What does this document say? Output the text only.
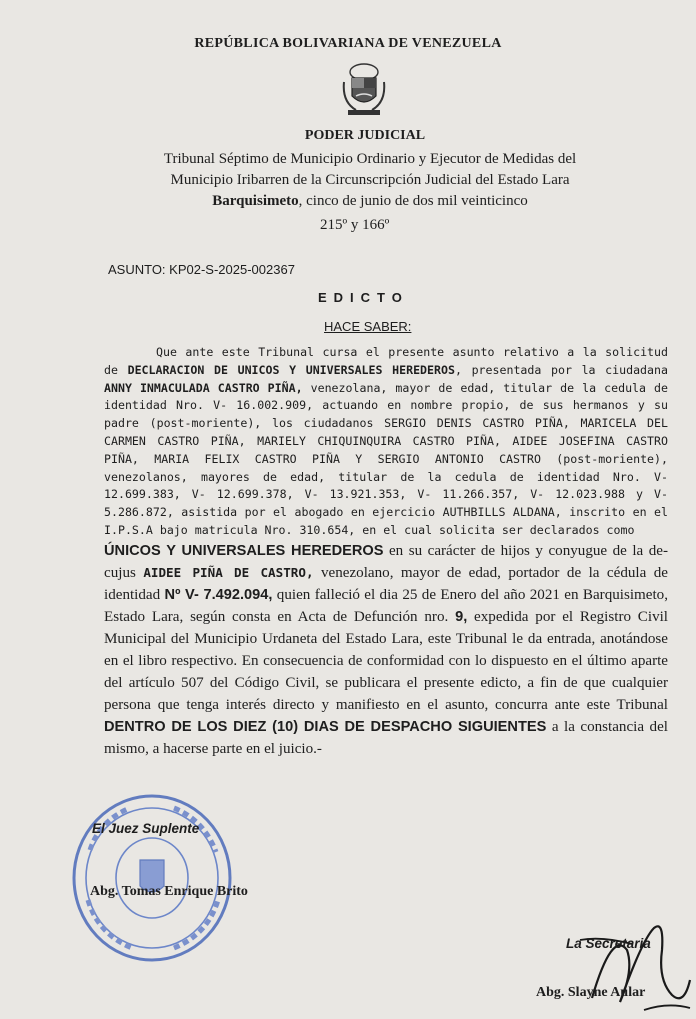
REPÚBLICA BOLIVARIANA DE VENEZUELA
PODER JUDICIAL
Tribunal Séptimo de Municipio Ordinario y Ejecutor de Medidas del
Municipio Iribarren de la Circunscripción Judicial del Estado Lara
Barquisimeto, cinco de junio de dos mil veinticinco
215º y 166º
ASUNTO: KP02-S-2025-002367
EDICTO
HACE SABER:

Que ante este Tribunal cursa el presente asunto relativo a la solicitud de DECLARACION DE UNICOS Y UNIVERSALES HEREDEROS, presentada por la ciudadana ANNY INMACULADA CASTRO PIÑA, venezolana, mayor de edad, titular de la cedula de identidad Nro. V- 16.002.909, actuando en nombre propio, de sus hermanos y su padre (post-moriente), los ciudadanos SERGIO DENIS CASTRO PIÑA, MARICELA DEL CARMEN CASTRO PIÑA, MARIELY CHIQUINQUIRA CASTRO PIÑA, AIDEE JOSEFINA CASTRO PIÑA, MARIA FELIX CASTRO PIÑA Y SERGIO ANTONIO CASTRO (post-moriente), venezolanos, mayores de edad, titular de la cedula de identidad Nro. V- 12.699.383, V- 12.699.378, V- 13.921.353, V- 11.266.357, V- 12.023.988 y V-5.286.872, asistida por el abogado en ejercicio AUTHBILLS ALDANA, inscrito en el I.P.S.A bajo matricula Nro. 310.654, en el cual solicita ser declarados como

ÚNICOS Y UNIVERSALES HEREDEROS en su carácter de hijos y conyugue de la de-cujus AIDEE PIÑA DE CASTRO, venezolano, mayor de edad, portador de la cédula de identidad Nº V- 7.492.094, quien falleció el dia 25 de Enero del año 2021 en Barquisimeto, Estado Lara, según consta en Acta de Defunción nro. 9, expedida por el Registro Civil Municipal del Municipio Urdaneta del Estado Lara, este Tribunal le da entrada, anotándose en el libro respectivo. En consecuencia de conformidad con lo dispuesto en el último aparte del artículo 507 del Código Civil, se publicara el presente edicto, a fin de que cualquier persona que tenga interés directo y manifiesto en el asunto, concurra ante este Tribunal DENTRO DE LOS DIEZ (10) DIAS DE DESPACHO SIGUIENTES a la constancia del mismo, a hacerse parte en el juicio.-

El Juez Suplente
Abg. Tomas Enrique Brito
La Secretaria
Abg. Slayne Aular
